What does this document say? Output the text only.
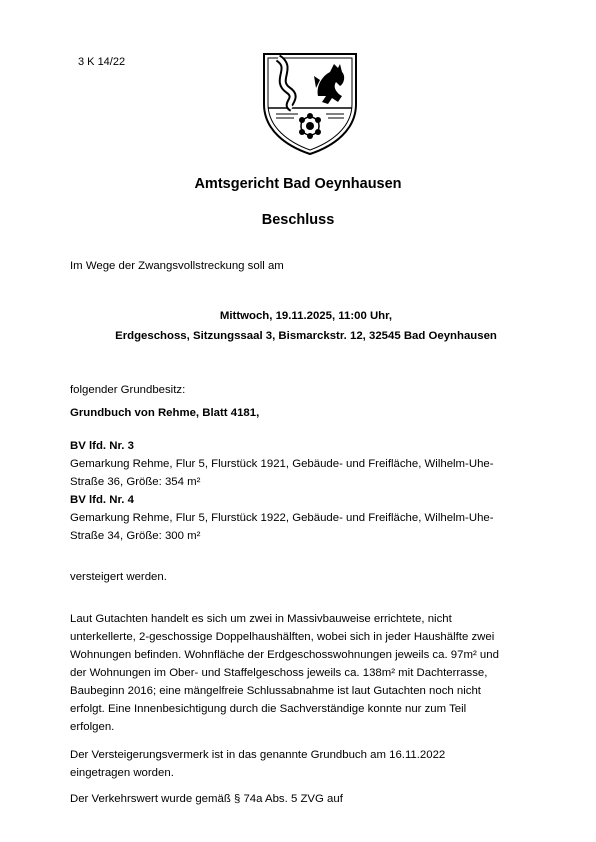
3 K 14/22
Amtsgericht Bad Oeynhausen
Beschluss
Im Wege der Zwangsvollstreckung soll am
Mittwoch, 19.11.2025, 11:00 Uhr,
Erdgeschoss, Sitzungssaal 3, Bismarckstr. 12, 32545 Bad Oeynhausen
folgender Grundbesitz:
Grundbuch von Rehme, Blatt 4181,
BV lfd. Nr. 3
Gemarkung Rehme, Flur 5, Flurstück 1921, Gebäude- und Freifläche, Wilhelm-Uhe-
Straße 36, Größe: 354 m²
BV lfd. Nr. 4
Gemarkung Rehme, Flur 5, Flurstück 1922, Gebäude- und Freifläche, Wilhelm-Uhe-
Straße 34, Größe: 300 m²
versteigert werden.
Laut Gutachten handelt es sich um zwei in Massivbauweise errichtete, nicht
unterkellerte, 2-geschossige Doppelhaushälften, wobei sich in jeder Haushälfte zwei
Wohnungen befinden. Wohnfläche der Erdgeschosswohnungen jeweils ca. 97m² und
der Wohnungen im Ober- und Staffelgeschoss jeweils ca. 138m² mit Dachterrasse,
Baubeginn 2016; eine mängelfreie Schlussabnahme ist laut Gutachten noch nicht
erfolgt. Eine Innenbesichtigung durch die Sachverständige konnte nur zum Teil
erfolgen.
Der Versteigerungsvermerk ist in das genannte Grundbuch am 16.11.2022
eingetragen worden.
Der Verkehrswert wurde gemäß § 74a Abs. 5 ZVG auf
